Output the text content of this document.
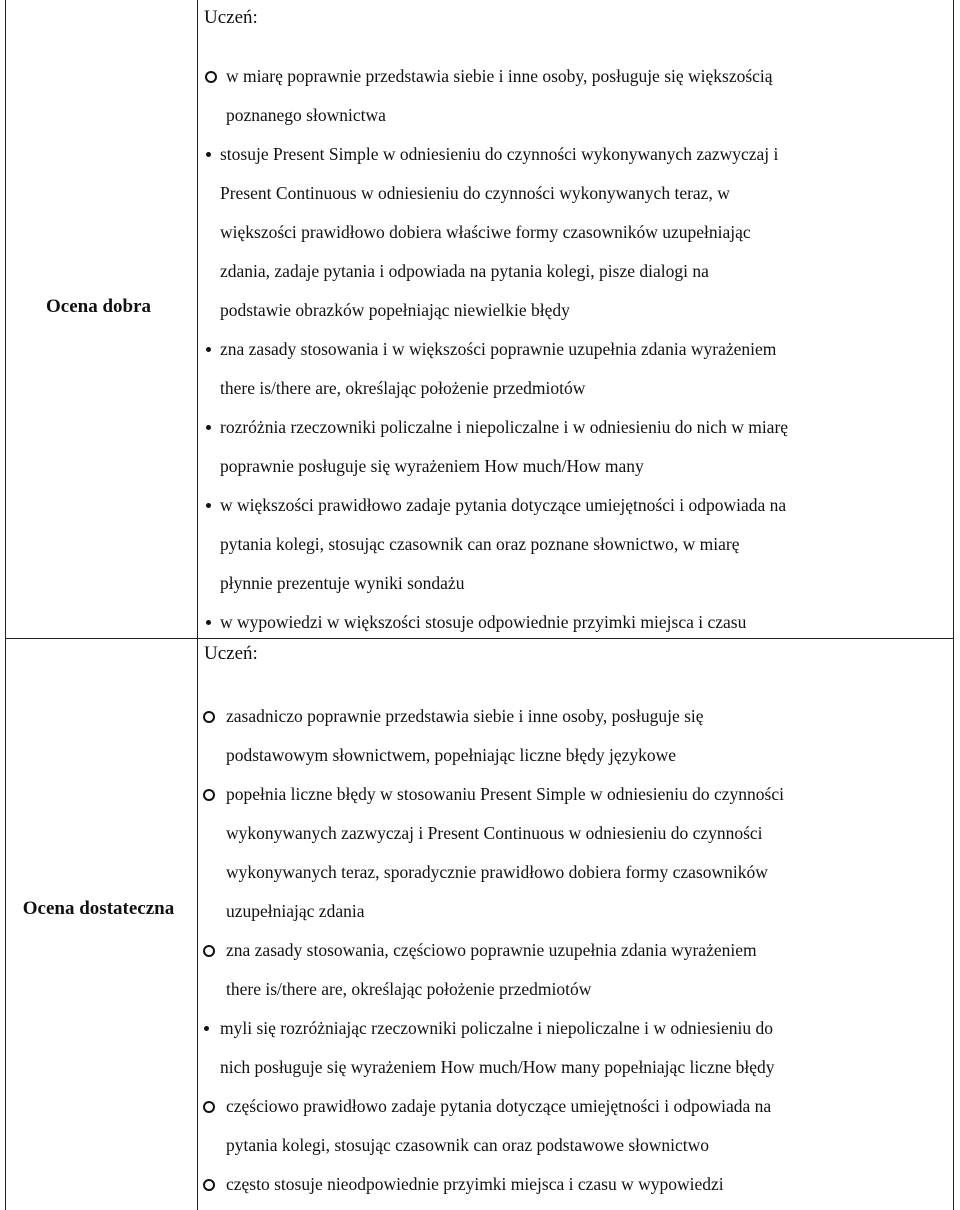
Ocena dobra
Uczeń:
w miarę poprawnie przedstawia siebie i inne osoby, posługuje się większością
poznanego słownictwa
stosuje Present Simple w odniesieniu do czynności wykonywanych zazwyczaj i
Present Continuous w odniesieniu do czynności wykonywanych teraz, w
większości prawidłowo dobiera właściwe formy czasowników uzupełniając
zdania, zadaje pytania i odpowiada na pytania kolegi, pisze dialogi na
podstawie obrazków popełniając niewielkie błędy
zna zasady stosowania i w większości poprawnie uzupełnia zdania wyrażeniem
there is/there are, określając położenie przedmiotów
rozróżnia rzeczowniki policzalne i niepoliczalne i w odniesieniu do nich w miarę
poprawnie posługuje się wyrażeniem How much/How many
w większości prawidłowo zadaje pytania dotyczące umiejętności i odpowiada na
pytania kolegi, stosując czasownik can oraz poznane słownictwo, w miarę
płynnie prezentuje wyniki sondażu
w wypowiedzi w większości stosuje odpowiednie przyimki miejsca i czasu
Ocena dostateczna
Uczeń:
zasadniczo poprawnie przedstawia siebie i inne osoby, posługuje się
podstawowym słownictwem, popełniając liczne błędy językowe
popełnia liczne błędy w stosowaniu Present Simple w odniesieniu do czynności
wykonywanych zazwyczaj i Present Continuous w odniesieniu do czynności
wykonywanych teraz, sporadycznie prawidłowo dobiera formy czasowników
uzupełniając zdania
zna zasady stosowania, częściowo poprawnie uzupełnia zdania wyrażeniem
there is/there are, określając położenie przedmiotów
myli się rozróżniając rzeczowniki policzalne i niepoliczalne i w odniesieniu do
nich posługuje się wyrażeniem How much/How many popełniając liczne błędy
częściowo prawidłowo zadaje pytania dotyczące umiejętności i odpowiada na
pytania kolegi, stosując czasownik can oraz podstawowe słownictwo
często stosuje nieodpowiednie przyimki miejsca i czasu w wypowiedzi
